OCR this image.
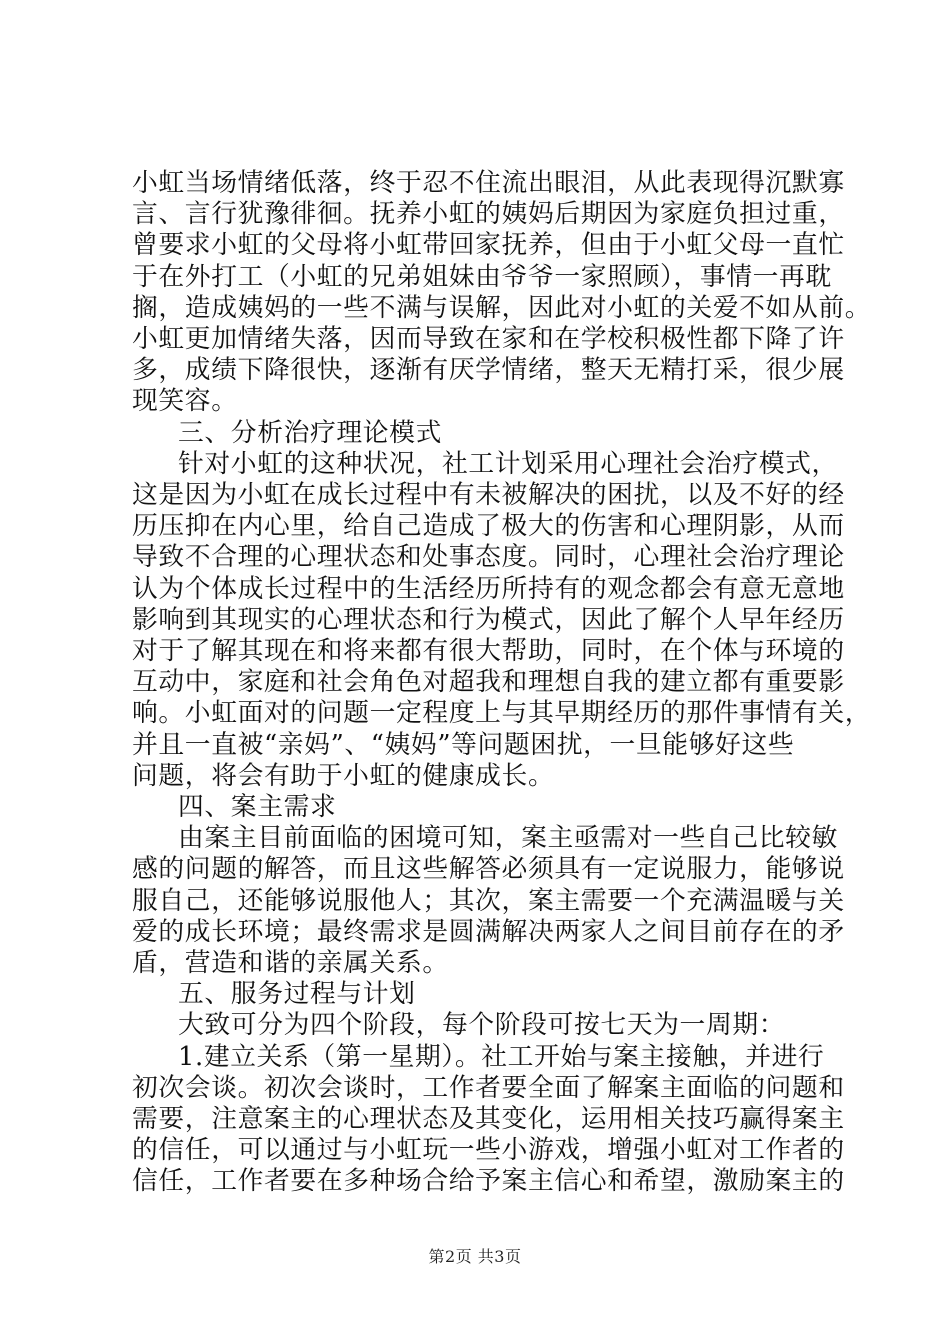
小虹当场情绪低落，终于忍不住流出眼泪，从此表现得沉默寡
言、言行犹豫徘徊。抚养小虹的姨妈后期因为家庭负担过重，
曾要求小虹的父母将小虹带回家抚养，但由于小虹父母一直忙
于在外打工（小虹的兄弟姐妹由爷爷一家照顾），事情一再耽
搁，造成姨妈的一些不满与误解，因此对小虹的关爱不如从前。
小虹更加情绪失落，因而导致在家和在学校积极性都下降了许
多，成绩下降很快，逐渐有厌学情绪，整天无精打采，很少展
现笑容。
三、分析治疗理论模式
针对小虹的这种状况，社工计划采用心理社会治疗模式，
这是因为小虹在成长过程中有未被解决的困扰，以及不好的经
历压抑在内心里，给自己造成了极大的伤害和心理阴影，从而
导致不合理的心理状态和处事态度。同时，心理社会治疗理论
认为个体成长过程中的生活经历所持有的观念都会有意无意地
影响到其现实的心理状态和行为模式，因此了解个人早年经历
对于了解其现在和将来都有很大帮助，同时，在个体与环境的
互动中，家庭和社会角色对超我和理想自我的建立都有重要影
响。小虹面对的问题一定程度上与其早期经历的那件事情有关，
并且一直被“亲妈”、“姨妈”等问题困扰，一旦能够好这些
问题，将会有助于小虹的健康成长。
四、案主需求
由案主目前面临的困境可知，案主亟需对一些自己比较敏
感的问题的解答，而且这些解答必须具有一定说服力，能够说
服自己，还能够说服他人；其次，案主需要一个充满温暖与关
爱的成长环境；最终需求是圆满解决两家人之间目前存在的矛
盾，营造和谐的亲属关系。
五、服务过程与计划
大致可分为四个阶段，每个阶段可按七天为一周期：
1.建立关系（第一星期）。社工开始与案主接触，并进行
初次会谈。初次会谈时，工作者要全面了解案主面临的问题和
需要，注意案主的心理状态及其变化，运用相关技巧赢得案主
的信任，可以通过与小虹玩一些小游戏，增强小虹对工作者的
信任，工作者要在多种场合给予案主信心和希望，激励案主的
第2页 共3页
